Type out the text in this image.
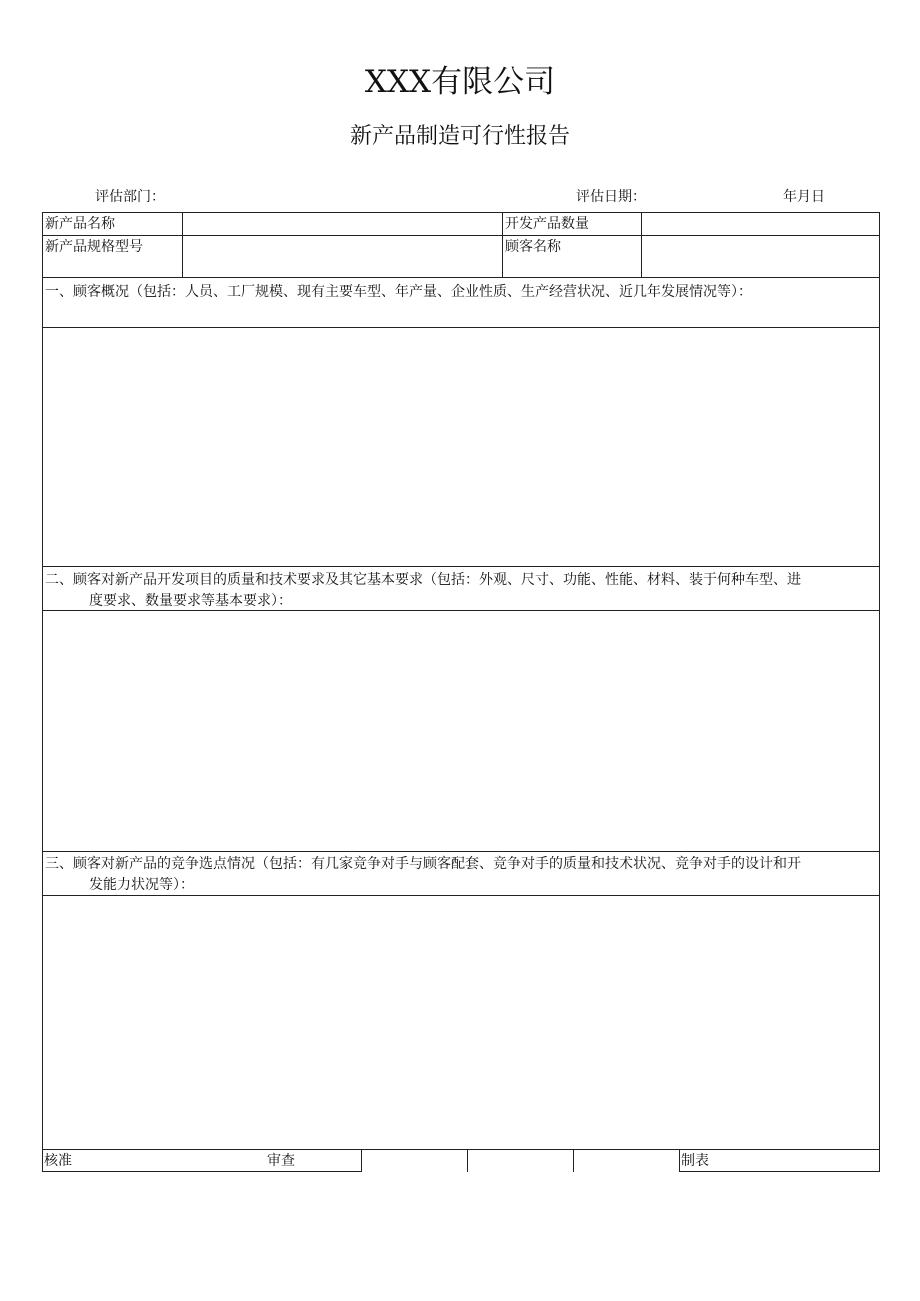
XXX有限公司
新产品制造可行性报告
评估部门：	评估日期：	年月日
新产品名称	开发产品数量
新产品规格型号	顾客名称
一、顾客概况（包括：人员、工厂规模、现有主要车型、年产量、企业性质、生产经营状况、近几年发展情况等）：
二、顾客对新产品开发项目的质量和技术要求及其它基本要求（包括：外观、尺寸、功能、性能、材料、装于何种车型、进
度要求、数量要求等基本要求）：
三、顾客对新产品的竞争选点情况（包括：有几家竞争对手与顾客配套、竞争对手的质量和技术状况、竞争对手的设计和开
发能力状况等）：
核准	审查	制表
